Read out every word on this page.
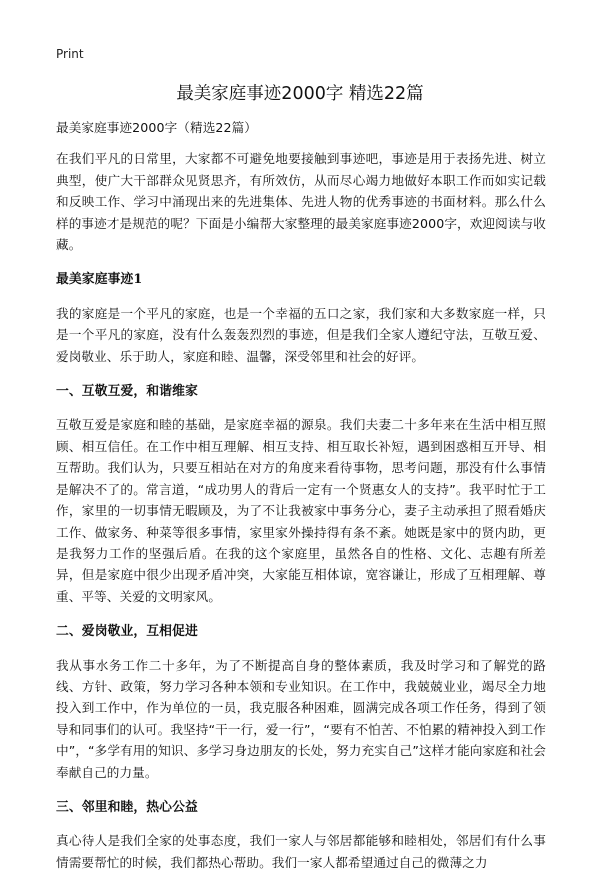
Print
最美家庭事迹2000字 精选22篇

最美家庭事迹2000字（精选22篇）

在我们平凡的日常里，大家都不可避免地要接触到事迹吧，事迹是用于表扬先进、树立典型，使广大干部群众见贤思齐，有所效仿，从而尽心竭力地做好本职工作而如实记载和反映工作、学习中涌现出来的先进集体、先进人物的优秀事迹的书面材料。那么什么样的事迹才是规范的呢？下面是小编帮大家整理的最美家庭事迹2000字，欢迎阅读与收藏。

最美家庭事迹1

我的家庭是一个平凡的家庭，也是一个幸福的五口之家，我们家和大多数家庭一样，只是一个平凡的家庭，没有什么轰轰烈烈的事迹，但是我们全家人遵纪守法，互敬互爱、爱岗敬业、乐于助人，家庭和睦、温馨，深受邻里和社会的好评。

一、互敬互爱，和谐维家

互敬互爱是家庭和睦的基础，是家庭幸福的源泉。我们夫妻二十多年来在生活中相互照顾、相互信任。在工作中相互理解、相互支持、相互取长补短，遇到困惑相互开导、相互帮助。我们认为，只要互相站在对方的角度来看待事物，思考问题，那没有什么事情是解决不了的。常言道，“成功男人的背后一定有一个贤惠女人的支持”。我平时忙于工作，家里的一切事情无暇顾及，为了不让我被家中事务分心，妻子主动承担了照看婚庆工作、做家务、种菜等很多事情，家里家外操持得有条不紊。她既是家中的贤内助，更是我努力工作的坚强后盾。在我的这个家庭里，虽然各自的性格、文化、志趣有所差异，但是家庭中很少出现矛盾冲突，大家能互相体谅，宽容谦让，形成了互相理解、尊重、平等、关爱的文明家风。

二、爱岗敬业，互相促进

我从事水务工作二十多年，为了不断提高自身的整体素质，我及时学习和了解党的路线、方针、政策，努力学习各种本领和专业知识。在工作中，我兢兢业业，竭尽全力地投入到工作中，作为单位的一员，我克服各种困难，圆满完成各项工作任务，得到了领导和同事们的认可。我坚持“干一行，爱一行”，“要有不怕苦、不怕累的精神投入到工作中”，“多学有用的知识、多学习身边朋友的长处，努力充实自己”这样才能向家庭和社会奉献自己的力量。

三、邻里和睦，热心公益

真心待人是我们全家的处事态度，我们一家人与邻居都能够和睦相处，邻居们有什么事情需要帮忙的时候，我们都热心帮助。我们一家人都希望通过自己的微薄之力
